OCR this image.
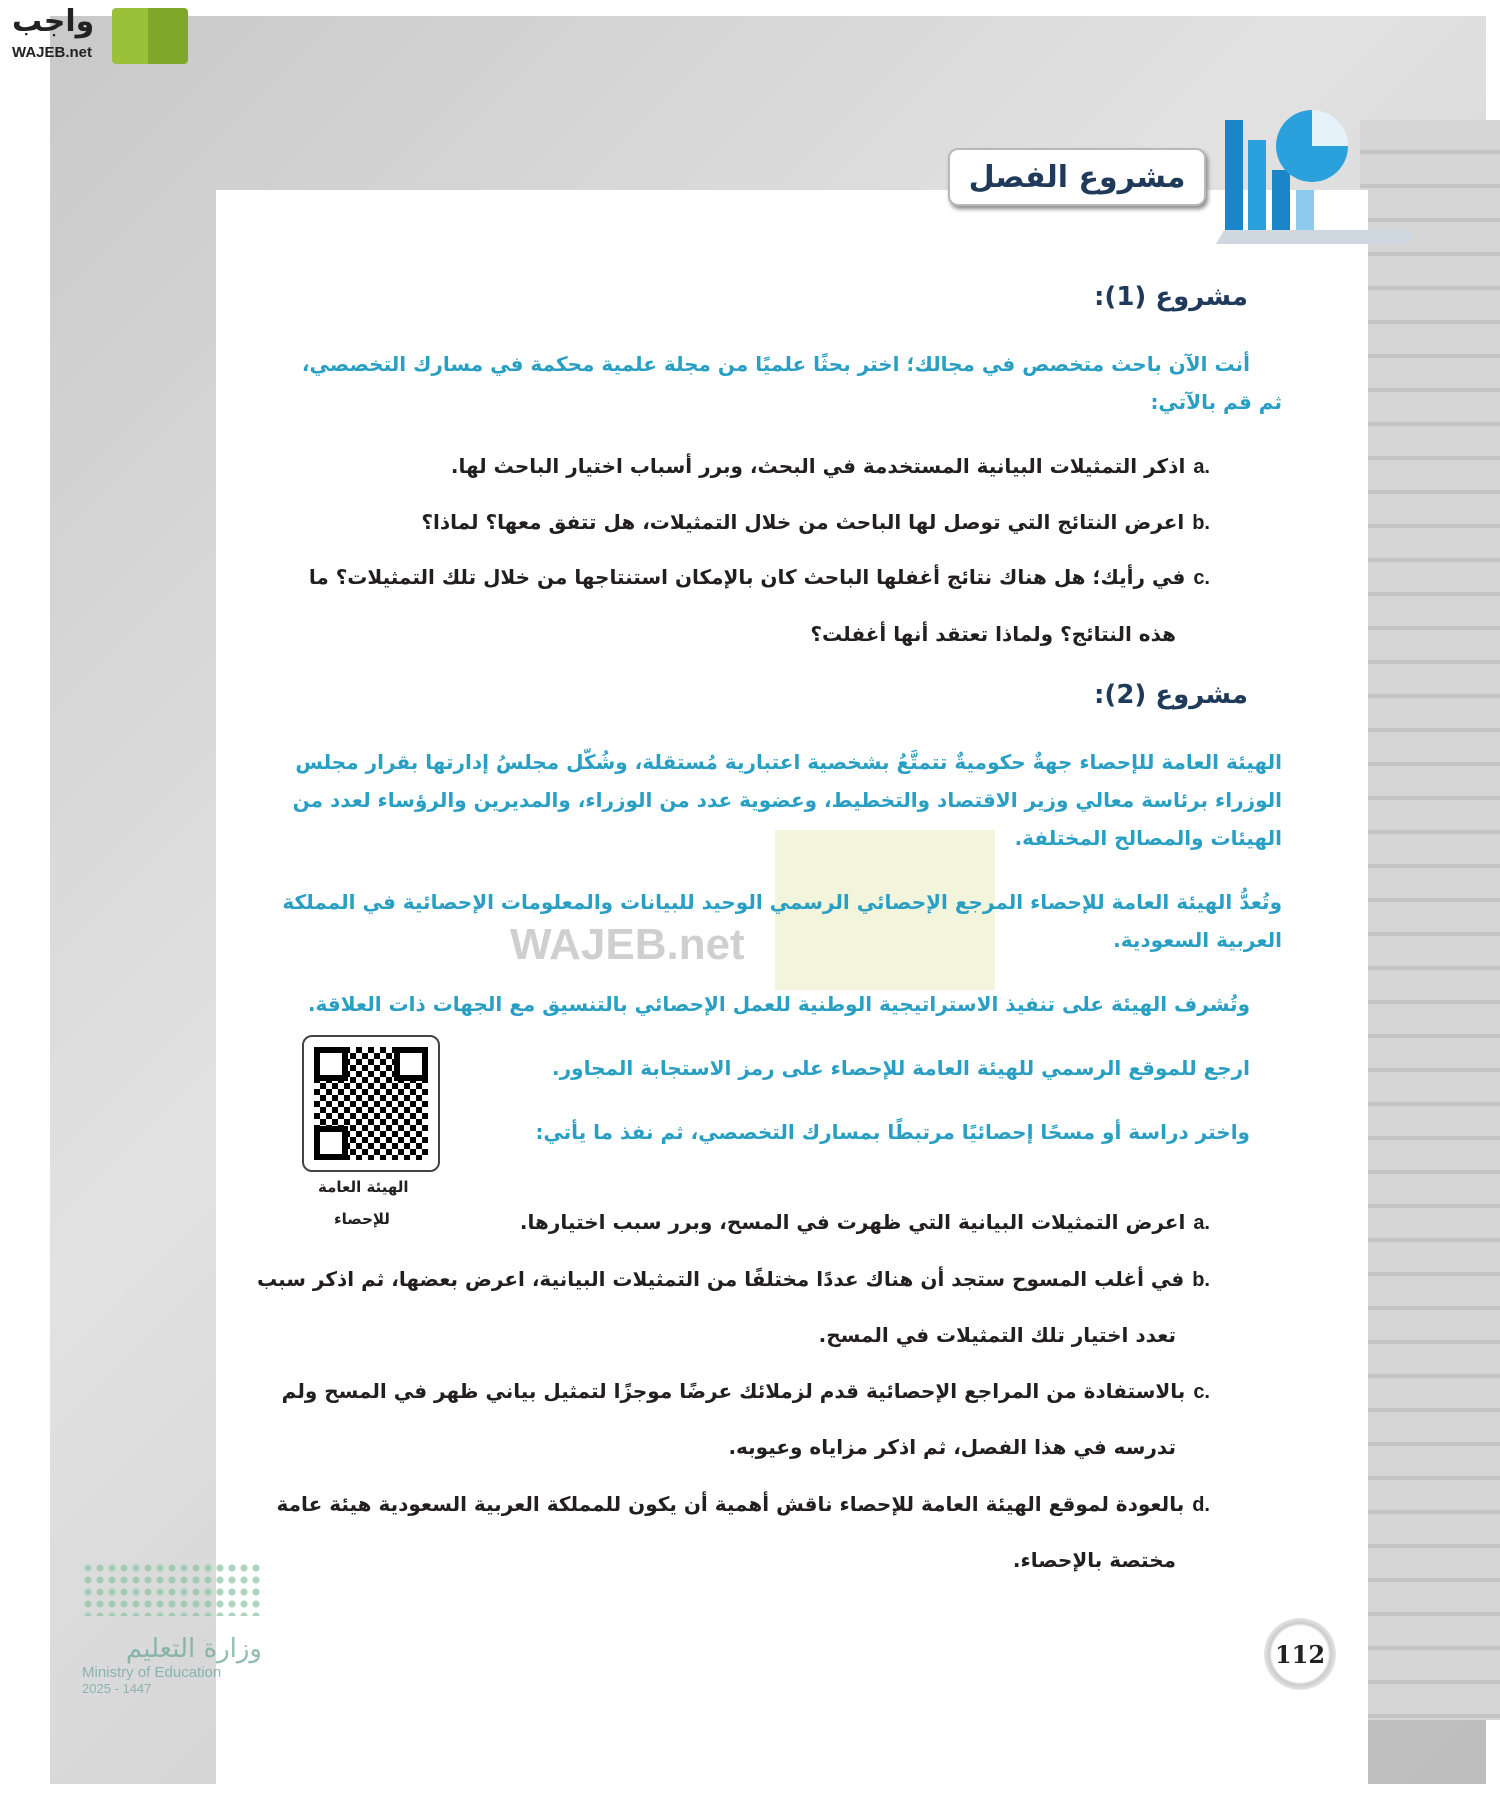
واجب
WAJEB.net
مشروع الفصل
مشروع (1):
أنت الآن باحث متخصص في مجالك؛ اختر بحثًا علميًا من مجلة علمية محكمة في مسارك التخصصي،
ثم قم بالآتي:
a.اذكر التمثيلات البيانية المستخدمة في البحث، وبرر أسباب اختيار الباحث لها.
b.اعرض النتائج التي توصل لها الباحث من خلال التمثيلات، هل تتفق معها؟ لماذا؟
c.في رأيك؛ هل هناك نتائج أغفلها الباحث كان بالإمكان استنتاجها من خلال تلك التمثيلات؟ ما
هذه النتائج؟ ولماذا تعتقد أنها أغفلت؟
مشروع (2):
الهيئة العامة للإحصاء جهةٌ حكوميةٌ تتمتَّعُ بشخصية اعتبارية مُستقلة، وشُكّل مجلسُ إدارتها بقرار مجلس
الوزراء برئاسة معالي وزير الاقتصاد والتخطيط، وعضوية عدد من الوزراء، والمديرين والرؤساء لعدد من
الهيئات والمصالح المختلفة.
WAJEB.net
وتُعدُّ الهيئة العامة للإحصاء المرجع الإحصائي الرسمي الوحيد للبيانات والمعلومات الإحصائية في المملكة
العربية السعودية.
وتُشرف الهيئة على تنفيذ الاستراتيجية الوطنية للعمل الإحصائي بالتنسيق مع الجهات ذات العلاقة.
ارجع للموقع الرسمي للهيئة العامة للإحصاء على رمز الاستجابة المجاور.
واختر دراسة أو مسحًا إحصائيًا مرتبطًا بمسارك التخصصي، ثم نفذ ما يأتي:
الهيئة العامة
للإحصاء	a.اعرض التمثيلات البيانية التي ظهرت في المسح، وبرر سبب اختيارها.
b.في أغلب المسوح ستجد أن هناك عددًا مختلفًا من التمثيلات البيانية، اعرض بعضها، ثم اذكر سبب
تعدد اختيار تلك التمثيلات في المسح.
c.بالاستفادة من المراجع الإحصائية قدم لزملائك عرضًا موجزًا لتمثيل بياني ظهر في المسح ولم
تدرسه في هذا الفصل، ثم اذكر مزاياه وعيوبه.
d.بالعودة لموقع الهيئة العامة للإحصاء ناقش أهمية أن يكون للمملكة العربية السعودية هيئة عامة
مختصة بالإحصاء.
وزارة التعليم
Ministry of Education
2025 - 1447
112
